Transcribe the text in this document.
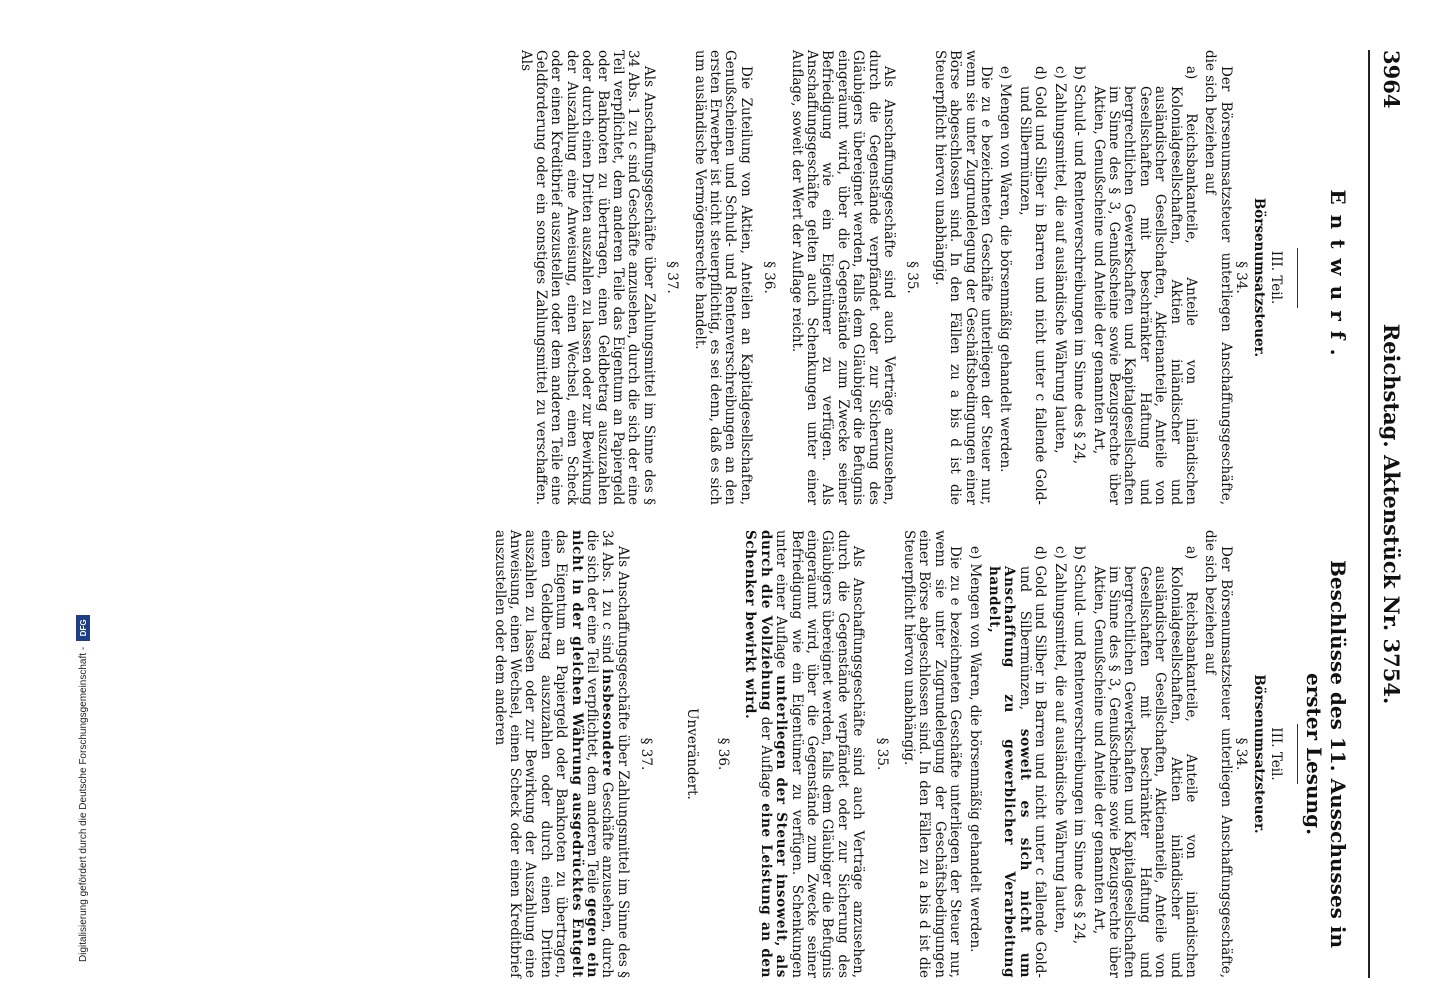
3964
Reichstag. Aktenstück Nr. 3754.
Entwurf.
Beschlüsse des 11. Ausschusses in erster Lesung.

III. Teil.

Börsenumsatzsteuer.

§ 34.

Der Börsenumsatzsteuer unterliegen Anschaffungsgeschäfte, die sich beziehen auf

a) Reichsbankanteile, Anteile von inländischen Kolonialgesellschaften, Aktien inländischer und ausländischer Gesellschaften, Aktienanteile, Anteile von Gesellschaften mit beschränkter Haftung und bergrechtlichen Gewerkschaften und Kapitalgesellschaften im Sinne des § 3, Genußscheine sowie Bezugsrechte über Aktien, Genußscheine und Anteile der genannten Art,

b) Schuld- und Rentenverschreibungen im Sinne des § 24,

c) Zahlungsmittel, die auf ausländische Währung lauten,

d) Gold und Silber in Barren und nicht unter c fallende Gold- und Silbermünzen,

e) Mengen von Waren, die börsenmäßig gehandelt werden.

Die zu e bezeichneten Geschäfte unterliegen der Steuer nur, wenn sie unter Zugrundelegung der Geschäftsbedingungen einer Börse abgeschlossen sind. In den Fällen zu a bis d ist die Steuerpflicht hiervon unabhängig.

§ 35.

Als Anschaffungsgeschäfte sind auch Verträge anzusehen, durch die Gegenstände verpfändet oder zur Sicherung des Gläubigers übereignet werden, falls dem Gläubiger die Befugnis eingeräumt wird, über die Gegenstände zum Zwecke seiner Befriedigung wie ein Eigentümer zu verfügen. Als Anschaffungsgeschäfte gelten auch Schenkungen unter einer Auflage, soweit der Wert der Auflage reicht.

§ 36.

Die Zuteilung von Aktien, Anteilen an Kapitalgesellschaften, Genußscheinen und Schuld- und Rentenverschreibungen an den ersten Erwerber ist nicht steuerpflichtig, es sei denn, daß es sich um ausländische Vermögensrechte handelt.

§ 37.

Als Anschaffungsgeschäfte über Zahlungsmittel im Sinne des § 34 Abs. 1 zu c sind Geschäfte anzusehen, durch die sich der eine Teil verpflichtet, dem anderen Teile das Eigentum an Papiergeld oder Banknoten zu übertragen, einen Geldbetrag auszuzahlen oder durch einen Dritten auszahlen zu lassen oder zur Bewirkung der Auszahlung eine Anweisung, einen Wechsel, einen Scheck oder einen Kreditbrief auszustellen oder dem anderen Teile eine Geldforderung oder ein sonstiges Zahlungsmittel zu verschaffen. Als

III. Teil.

Börsenumsatzsteuer.

§ 34.

Der Börsenumsatzsteuer unterliegen Anschaffungsgeschäfte, die sich beziehen auf

a) Reichsbankanteile, Anteile von inländischen Kolonialgesellschaften, Aktien inländischer und ausländischer Gesellschaften, Aktienanteile, Anteile von Gesellschaften mit beschränkter Haftung und bergrechtlichen Gewerkschaften und Kapitalgesellschaften im Sinne des § 3, Genußscheine sowie Bezugsrechte über Aktien, Genußscheine und Anteile der genannten Art,

b) Schuld- und Rentenverschreibungen im Sinne des § 24,

c) Zahlungsmittel, die auf ausländische Währung lauten,

d) Gold und Silber in Barren und nicht unter c fallende Gold- und Silbermünzen, soweit es sich nicht um Anschaffung zu gewerblicher Verarbeitung handelt,

e) Mengen von Waren, die börsenmäßig gehandelt werden.

Die zu e bezeichneten Geschäfte unterliegen der Steuer nur, wenn sie unter Zugrundelegung der Geschäftsbedingungen einer Börse abgeschlossen sind. In den Fällen zu a bis d ist die Steuerpflicht hiervon unabhängig.

§ 35.

Als Anschaffungsgeschäfte sind auch Verträge anzusehen, durch die Gegenstände verpfändet oder zur Sicherung des Gläubigers übereignet werden, falls dem Gläubiger die Befugnis eingeräumt wird, über die Gegenstände zum Zwecke seiner Befriedigung wie ein Eigentümer zu verfügen. Schenkungen unter einer Auflage unterliegen der Steuer insoweit, als durch die Vollziehung der Auflage eine Leistung an den Schenker bewirkt wird.

§ 36.

Unverändert.

§ 37.

Als Anschaffungsgeschäfte über Zahlungsmittel im Sinne des § 34 Abs. 1 zu c sind insbesondere Geschäfte anzusehen, durch die sich der eine Teil verpflichtet, dem anderen Teile gegen ein nicht in der gleichen Währung ausgedrücktes Entgelt das Eigentum an Papiergeld oder Banknoten zu übertragen, einen Geldbetrag auszuzahlen oder durch einen Dritten auszahlen zu lassen oder zur Bewirkung der Auszahlung eine Anweisung, einen Wechsel, einen Scheck oder einen Kreditbrief auszustellen oder dem anderen

Digitalisierung gefördert durch die Deutsche Forschungsgemeinschaft -
DFG
